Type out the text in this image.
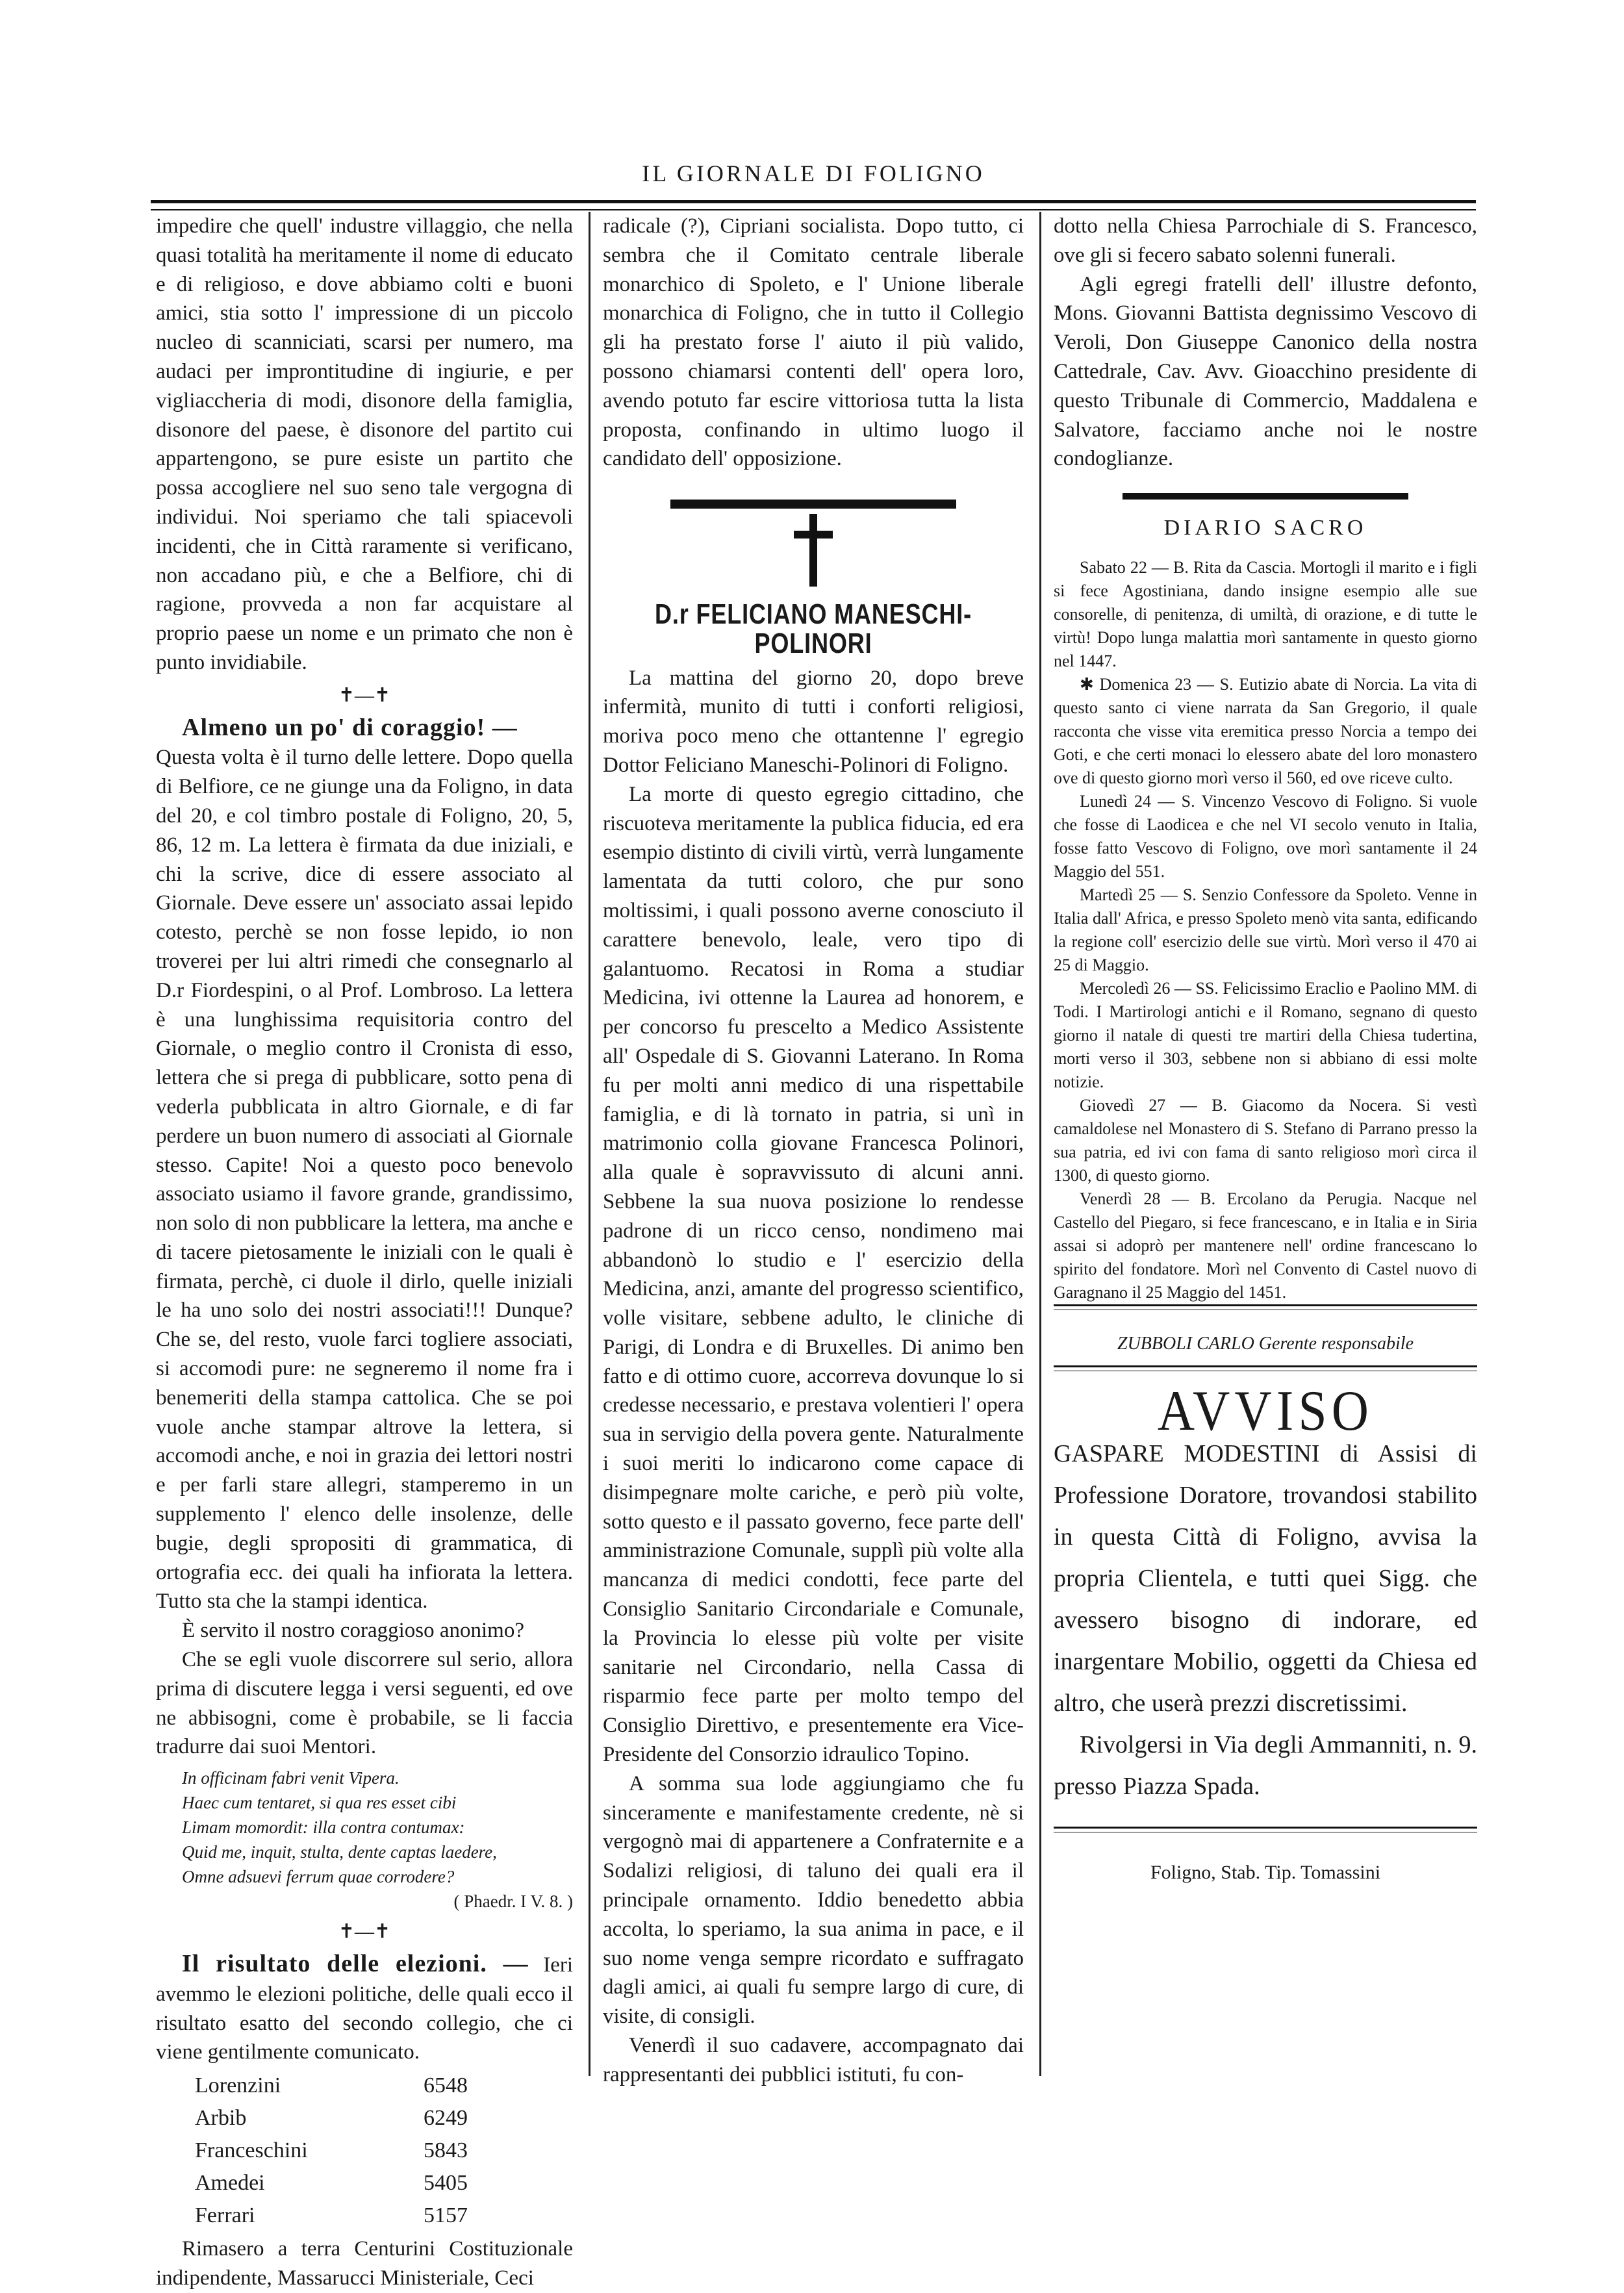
IL GIORNALE DI FOLIGNO

impedire che quell' industre villaggio, che nella quasi totalità ha meritamente il nome di educato e di religioso, e dove abbiamo colti e buoni amici, stia sotto l' impressione di un piccolo nucleo di scanniciati, scarsi per numero, ma audaci per improntitudine di ingiurie, e per vigliaccheria di modi, disonore della famiglia, disonore del paese, è disonore del partito cui appartengono, se pure esiste un partito che possa accogliere nel suo seno tale vergogna di individui. Noi speriamo che tali spiacevoli incidenti, che in Città raramente si verificano, non accadano più, e che a Belfiore, chi di ragione, provveda a non far acquistare al proprio paese un nome e un primato che non è punto invidiabile.

✝—✝

Almeno un po' di coraggio! —

Questa volta è il turno delle lettere. Dopo quella di Belfiore, ce ne giunge una da Foligno, in data del 20, e col timbro postale di Foligno, 20, 5, 86, 12 m. La lettera è firmata da due iniziali, e chi la scrive, dice di essere associato al Giornale. Deve essere un' associato assai lepido cotesto, perchè se non fosse lepido, io non troverei per lui altri rimedi che consegnarlo al D.r Fiordespini, o al Prof. Lombroso. La lettera è una lunghissima requisitoria contro del Giornale, o meglio contro il Cronista di esso, lettera che si prega di pubblicare, sotto pena di vederla pubblicata in altro Giornale, e di far perdere un buon numero di associati al Giornale stesso. Capite! Noi a questo poco benevolo associato usiamo il favore grande, grandissimo, non solo di non pubblicare la lettera, ma anche e di tacere pietosamente le iniziali con le quali è firmata, perchè, ci duole il dirlo, quelle iniziali le ha uno solo dei nostri associati!!! Dunque? Che se, del resto, vuole farci togliere associati, si accomodi pure: ne segneremo il nome fra i benemeriti della stampa cattolica. Che se poi vuole anche stampar altrove la lettera, si accomodi anche, e noi in grazia dei lettori nostri e per farli stare allegri, stamperemo in un supplemento l' elenco delle insolenze, delle bugie, degli spropositi di grammatica, di ortografia ecc. dei quali ha infiorata la lettera. Tutto sta che la stampi identica.

È servito il nostro coraggioso anonimo?

Che se egli vuole discorrere sul serio, allora prima di discutere legga i versi seguenti, ed ove ne abbisogni, come è probabile, se li faccia tradurre dai suoi Mentori.

In officinam fabri venit Vipera.
Haec cum tentaret, si qua res esset cibi
Limam momordit: illa contra contumax:
Quid me, inquit, stulta, dente captas laedere,
Omne adsuevi ferrum quae corrodere?
( Phaedr. I V. 8. )
✝—✝

Il risultato delle elezioni. — Ieri avemmo le elezioni politiche, delle quali ecco il risultato esatto del secondo collegio, che ci viene gentilmente comunicato.

Lorenzini	6548
Arbib	6249
Franceschini	5843
Amedei	5405
Ferrari	5157

Rimasero a terra Centurini Costituzionale indipendente, Massarucci Ministeriale, Ceci

radicale (?), Cipriani socialista. Dopo tutto, ci sembra che il Comitato centrale liberale monarchico di Spoleto, e l' Unione liberale monarchica di Foligno, che in tutto il Collegio gli ha prestato forse l' aiuto il più valido, possono chiamarsi contenti dell' opera loro, avendo potuto far escire vittoriosa tutta la lista proposta, confinando in ultimo luogo il candidato dell' opposizione.

D.r FELICIANO MANESCHI-POLINORI

La mattina del giorno 20, dopo breve infermità, munito di tutti i conforti religiosi, moriva poco meno che ottantenne l' egregio Dottor Feliciano Maneschi-Polinori di Foligno.

La morte di questo egregio cittadino, che riscuoteva meritamente la publica fiducia, ed era esempio distinto di civili virtù, verrà lungamente lamentata da tutti coloro, che pur sono moltissimi, i quali possono averne conosciuto il carattere benevolo, leale, vero tipo di galantuomo. Recatosi in Roma a studiar Medicina, ivi ottenne la Laurea ad honorem, e per concorso fu prescelto a Medico Assistente all' Ospedale di S. Giovanni Laterano. In Roma fu per molti anni medico di una rispettabile famiglia, e di là tornato in patria, si unì in matrimonio colla giovane Francesca Polinori, alla quale è sopravvissuto di alcuni anni. Sebbene la sua nuova posizione lo rendesse padrone di un ricco censo, nondimeno mai abbandonò lo studio e l' esercizio della Medicina, anzi, amante del progresso scientifico, volle visitare, sebbene adulto, le cliniche di Parigi, di Londra e di Bruxelles. Di animo ben fatto e di ottimo cuore, accorreva dovunque lo si credesse necessario, e prestava volentieri l' opera sua in servigio della povera gente. Naturalmente i suoi meriti lo indicarono come capace di disimpegnare molte cariche, e però più volte, sotto questo e il passato governo, fece parte dell' amministrazione Comunale, supplì più volte alla mancanza di medici condotti, fece parte del Consiglio Sanitario Circondariale e Comunale, la Provincia lo elesse più volte per visite sanitarie nel Circondario, nella Cassa di risparmio fece parte per molto tempo del Consiglio Direttivo, e presentemente era Vice-Presidente del Consorzio idraulico Topino.

A somma sua lode aggiungiamo che fu sinceramente e manifestamente credente, nè si vergognò mai di appartenere a Confraternite e a Sodalizi religiosi, di taluno dei quali era il principale ornamento. Iddio benedetto abbia accolta, lo speriamo, la sua anima in pace, e il suo nome venga sempre ricordato e suffragato dagli amici, ai quali fu sempre largo di cure, di visite, di consigli.

Venerdì il suo cadavere, accompagnato dai rappresentanti dei pubblici istituti, fu con-

dotto nella Chiesa Parrochiale di S. Francesco, ove gli si fecero sabato solenni funerali.

Agli egregi fratelli dell' illustre defonto, Mons. Giovanni Battista degnissimo Vescovo di Veroli, Don Giuseppe Canonico della nostra Cattedrale, Cav. Avv. Gioacchino presidente di questo Tribunale di Commercio, Maddalena e Salvatore, facciamo anche noi le nostre condoglianze.

DIARIO SACRO

Sabato 22 — B. Rita da Cascia. Mortogli il marito e i figli si fece Agostiniana, dando insigne esempio alle sue consorelle, di penitenza, di umiltà, di orazione, e di tutte le virtù! Dopo lunga malattia morì santamente in questo giorno nel 1447.

✱ Domenica 23 — S. Eutizio abate di Norcia. La vita di questo santo ci viene narrata da San Gregorio, il quale racconta che visse vita eremitica presso Norcia a tempo dei Goti, e che certi monaci lo elessero abate del loro monastero ove di questo giorno morì verso il 560, ed ove riceve culto.

Lunedì 24 — S. Vincenzo Vescovo di Foligno. Si vuole che fosse di Laodicea e che nel VI secolo venuto in Italia, fosse fatto Vescovo di Foligno, ove morì santamente il 24 Maggio del 551.

Martedì 25 — S. Senzio Confessore da Spoleto. Venne in Italia dall' Africa, e presso Spoleto menò vita santa, edificando la regione coll' esercizio delle sue virtù. Morì verso il 470 ai 25 di Maggio.

Mercoledì 26 — SS. Felicissimo Eraclio e Paolino MM. di Todi. I Martirologi antichi e il Romano, segnano di questo giorno il natale di questi tre martiri della Chiesa tudertina, morti verso il 303, sebbene non si abbiano di essi molte notizie.

Giovedì 27 — B. Giacomo da Nocera. Si vestì camaldolese nel Monastero di S. Stefano di Parrano presso la sua patria, ed ivi con fama di santo religioso morì circa il 1300, di questo giorno.

Venerdì 28 — B. Ercolano da Perugia. Nacque nel Castello del Piegaro, si fece francescano, e in Italia e in Siria assai si adoprò per mantenere nell' ordine francescano lo spirito del fondatore. Morì nel Convento di Castel nuovo di Garagnano il 25 Maggio del 1451.

ZUBBOLI CARLO Gerente responsabile
AVVISO

GASPARE MODESTINI di Assisi di Professione Doratore, trovandosi stabilito in questa Città di Foligno, avvisa la propria Clientela, e tutti quei Sigg. che avessero bisogno di indorare, ed inargentare Mobilio, oggetti da Chiesa ed altro, che userà prezzi discretissimi.

Rivolgersi in Via degli Ammanniti, n. 9. presso Piazza Spada.

Foligno, Stab. Tip. Tomassini
